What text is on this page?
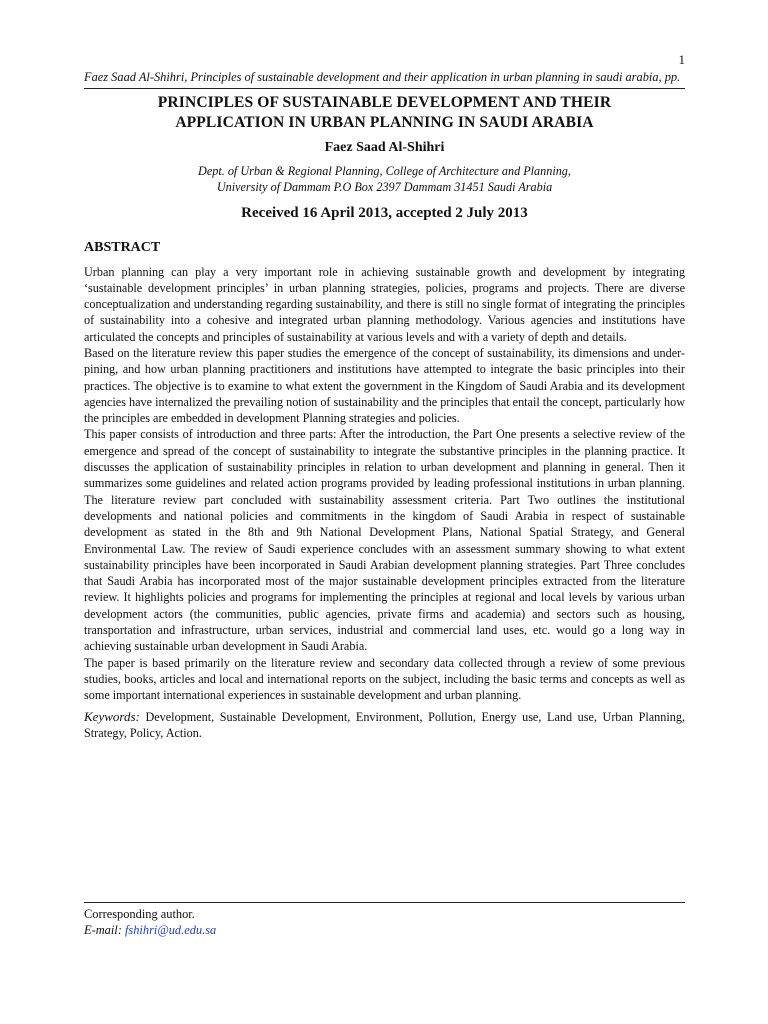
1
Faez Saad Al-Shihri, Principles of sustainable development and their application in urban planning in saudi arabia, pp.
PRINCIPLES OF SUSTAINABLE DEVELOPMENT AND THEIR
APPLICATION IN URBAN PLANNING IN SAUDI ARABIA
Faez Saad Al-Shihri
Dept. of Urban & Regional Planning, College of Architecture and Planning,
University of Dammam P.O Box 2397 Dammam 31451 Saudi Arabia
Received 16 April 2013, accepted 2 July 2013
ABSTRACT

Urban planning can play a very important role in achieving sustainable growth and development by integrating ‘sustainable development principles’ in urban planning strategies, policies, programs and projects. There are diverse conceptualization and understanding regarding sustainability, and there is still no single format of integrating the principles of sustainability into a cohesive and integrated urban planning methodology. Various agencies and institutions have articulated the concepts and principles of sustainability at various levels and with a variety of depth and details.

Based on the literature review this paper studies the emergence of the concept of sustainability, its dimensions and under-pining, and how urban planning practitioners and institutions have attempted to integrate the basic principles into their practices. The objective is to examine to what extent the government in the Kingdom of Saudi Arabia and its development agencies have internalized the prevailing notion of sustainability and the principles that entail the concept, particularly how the principles are embedded in development Planning strategies and policies.

This paper consists of introduction and three parts: After the introduction, the Part One presents a selective review of the emergence and spread of the concept of sustainability to integrate the substantive principles in the planning practice. It discusses the application of sustainability principles in relation to urban development and planning in general. Then it summarizes some guidelines and related action programs provided by leading professional institutions in urban planning. The literature review part concluded with sustainability assessment criteria. Part Two outlines the institutional developments and national policies and commitments in the kingdom of Saudi Arabia in respect of sustainable development as stated in the 8th and 9th National Development Plans, National Spatial Strategy, and General Environmental Law. The review of Saudi experience concludes with an assessment summary showing to what extent sustainability principles have been incorporated in Saudi Arabian development planning strategies. Part Three concludes that Saudi Arabia has incorporated most of the major sustainable development principles extracted from the literature review. It highlights policies and programs for implementing the principles at regional and local levels by various urban development actors (the communities, public agencies, private firms and academia) and sectors such as housing, transportation and infrastructure, urban services, industrial and commercial land uses, etc. would go a long way in achieving sustainable urban development in Saudi Arabia.

The paper is based primarily on the literature review and secondary data collected through a review of some previous studies, books, articles and local and international reports on the subject, including the basic terms and concepts as well as some important international experiences in sustainable development and urban planning.

Keywords: Development, Sustainable Development, Environment, Pollution, Energy use, Land use, Urban Planning, Strategy, Policy, Action.
Corresponding author.
E-mail: fshihri@ud.edu.sa
